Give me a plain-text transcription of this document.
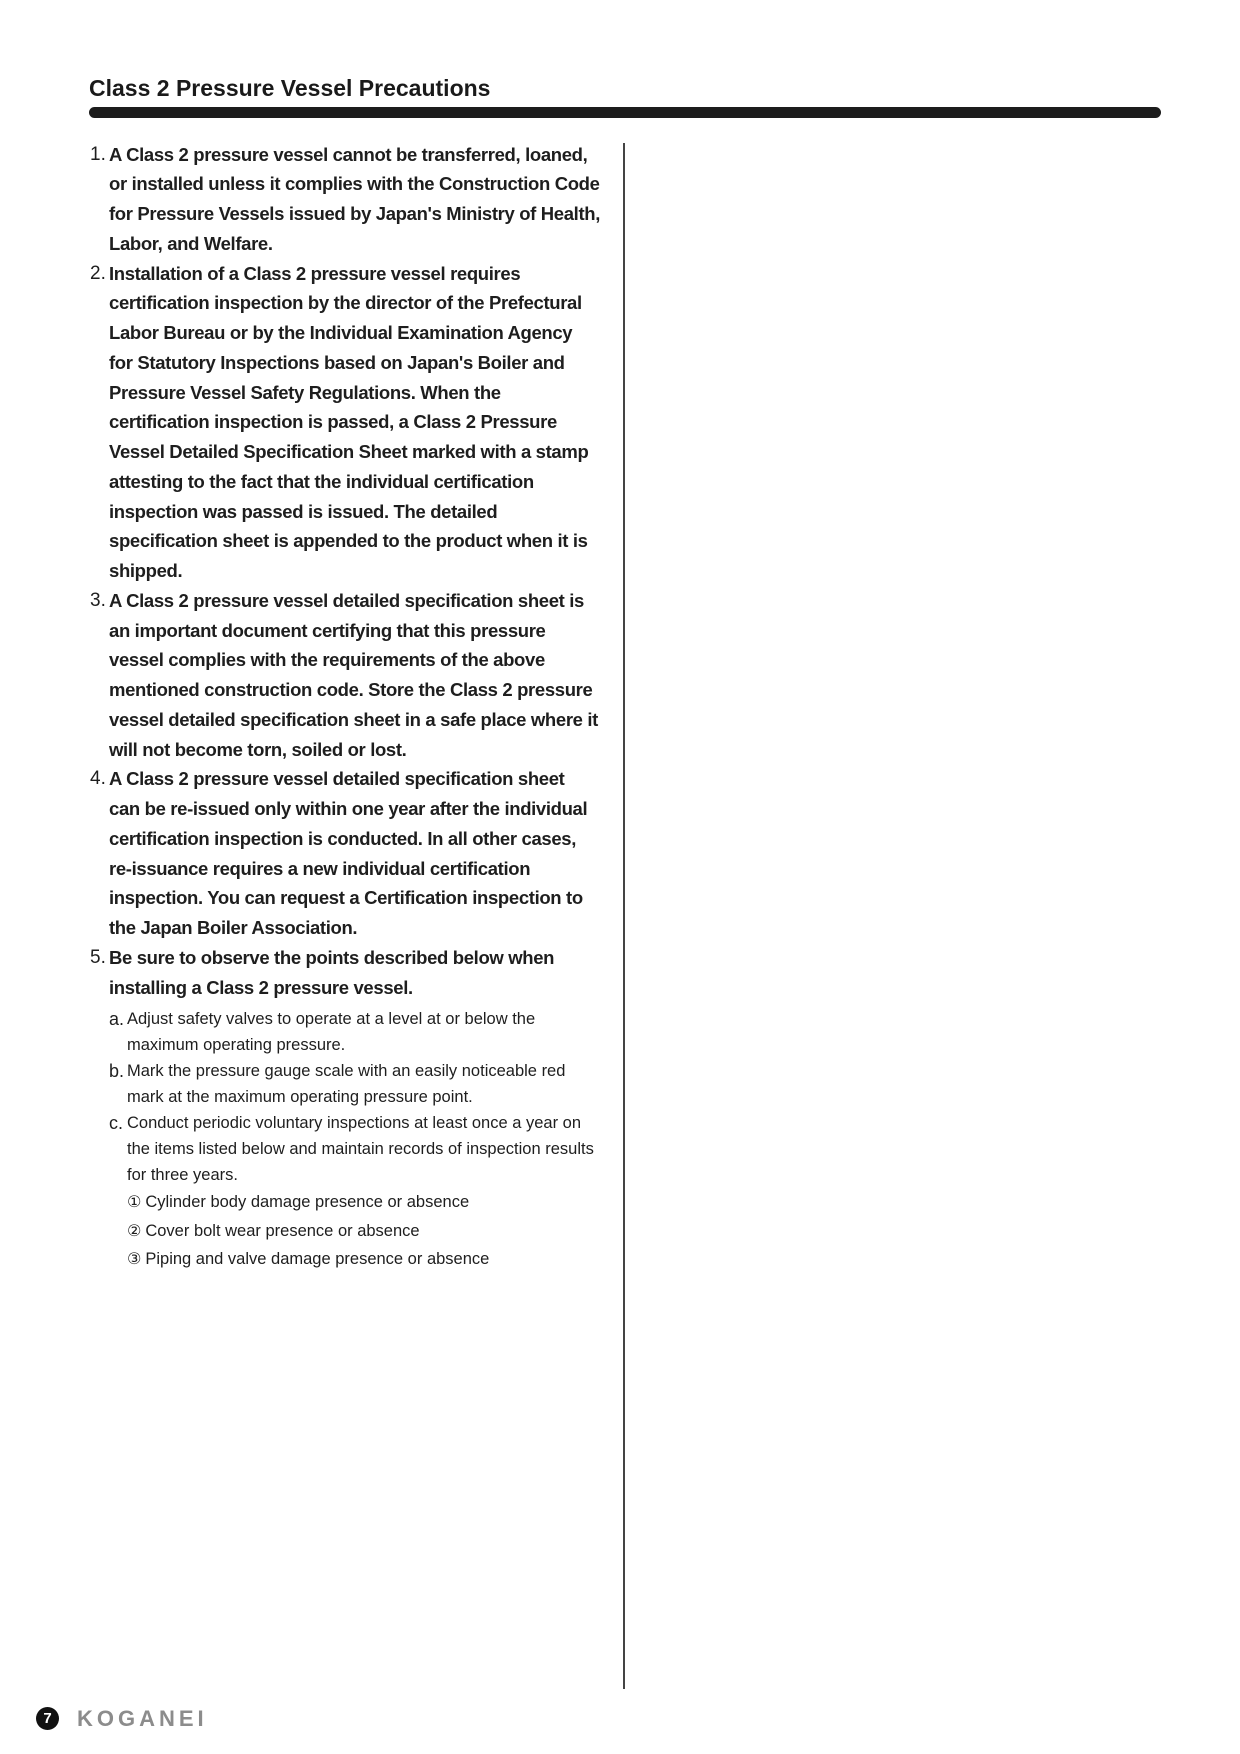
Class 2 Pressure Vessel Precautions
1. A Class 2 pressure vessel cannot be transferred, loaned,
or installed unless it complies with the Construction Code
for Pressure Vessels issued by Japan's Ministry of Health,
Labor, and Welfare.
2. Installation of a Class 2 pressure vessel requires
certification inspection by the director of the Prefectural
Labor Bureau or by the Individual Examination Agency
for Statutory Inspections based on Japan's Boiler and
Pressure Vessel Safety Regulations. When the
certification inspection is passed, a Class 2 Pressure
Vessel Detailed Specification Sheet marked with a stamp
attesting to the fact that the individual certification
inspection was passed is issued. The detailed
specification sheet is appended to the product when it is
shipped.
3. A Class 2 pressure vessel detailed specification sheet is
an important document certifying that this pressure
vessel complies with the requirements of the above
mentioned construction code. Store the Class 2 pressure
vessel detailed specification sheet in a safe place where it
will not become torn, soiled or lost.
4. A Class 2 pressure vessel detailed specification sheet
can be re-issued only within one year after the individual
certification inspection is conducted. In all other cases,
re-issuance requires a new individual certification
inspection. You can request a Certification inspection to
the Japan Boiler Association.
5. Be sure to observe the points described below when
installing a Class 2 pressure vessel.
a. Adjust safety valves to operate at a level at or below the
maximum operating pressure.
b. Mark the pressure gauge scale with an easily noticeable red
mark at the maximum operating pressure point.
c. Conduct periodic voluntary inspections at least once a year on
the items listed below and maintain records of inspection results
for three years.
① Cylinder body damage presence or absence
② Cover bolt wear presence or absence
③ Piping and valve damage presence or absence
7	KOGANEI
